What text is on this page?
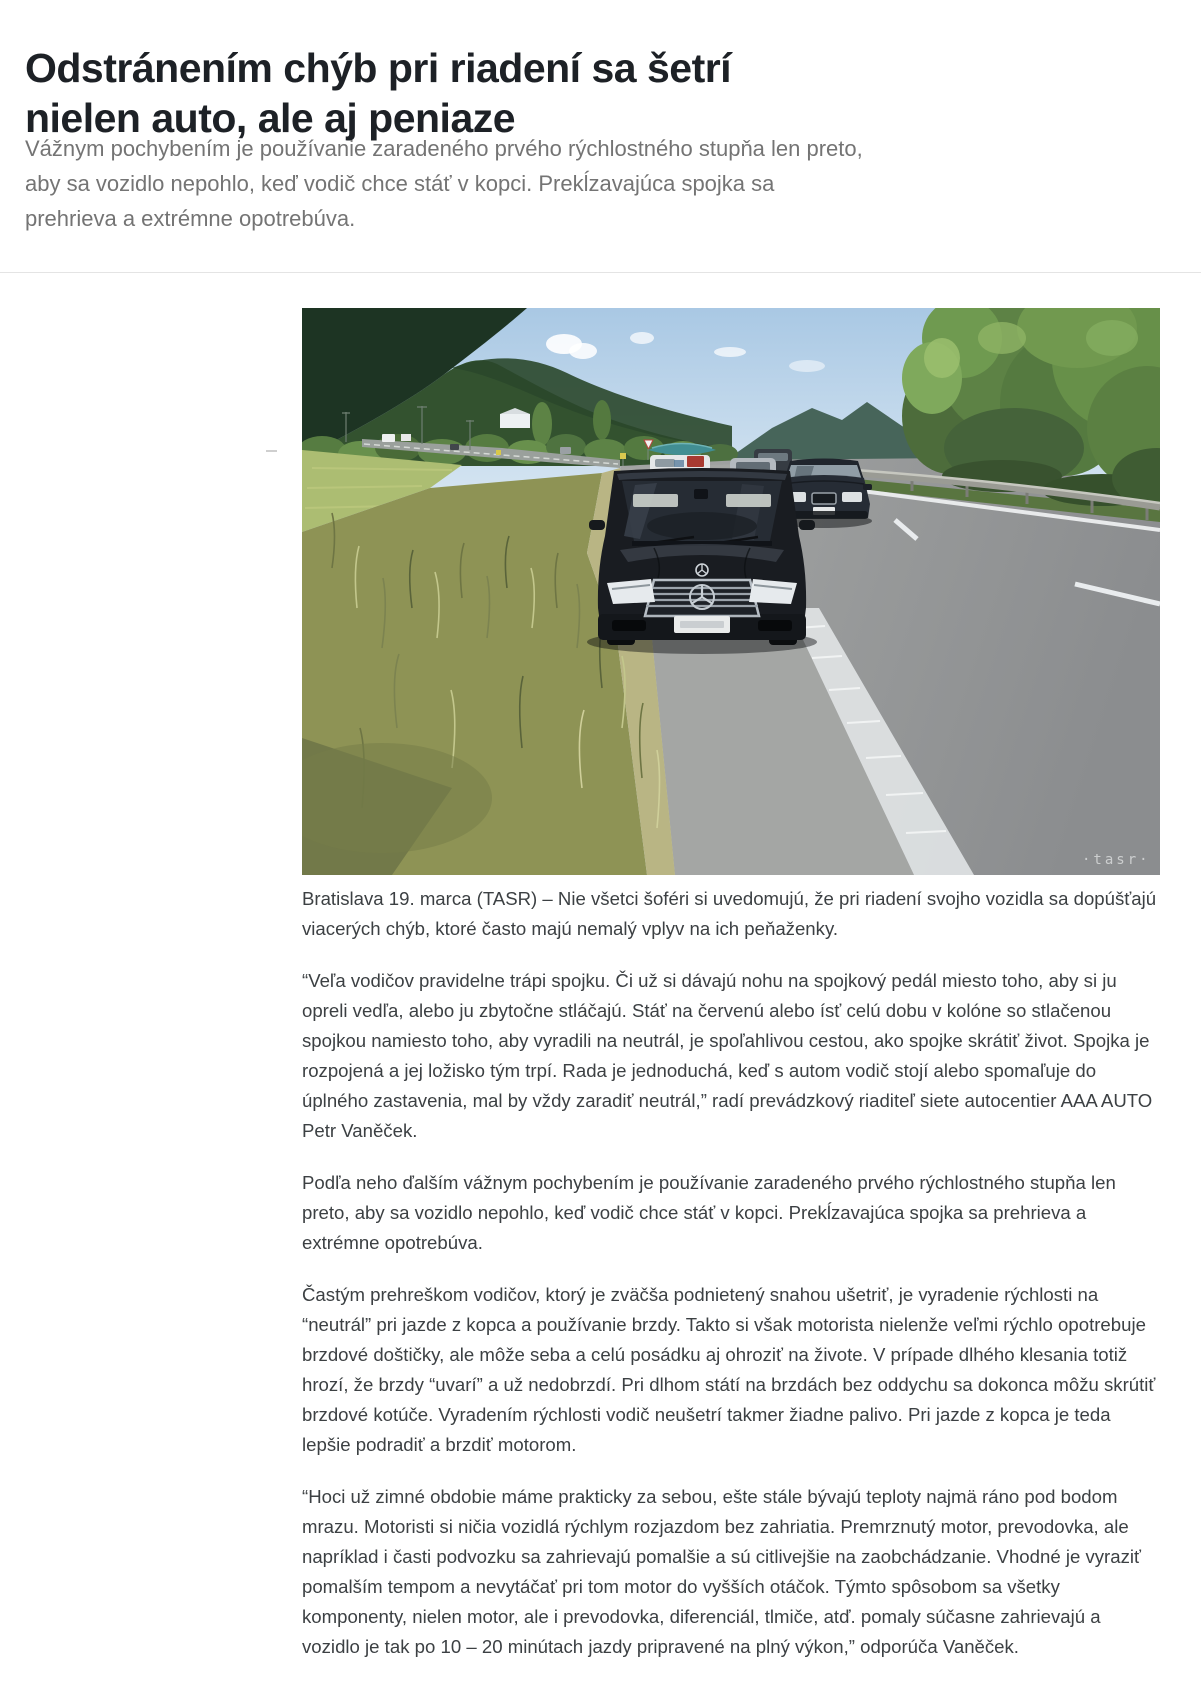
Odstránením chýb pri riadení sa šetrí
nielen auto, ale aj peniaze
Vážnym pochybením je používanie zaradeného prvého rýchlostného stupňa len preto, aby sa vozidlo nepohlo, keď vodič chce stáť v kopci. Prekĺzavajúca spojka sa prehrieva a extrémne opotrebúva.
·tasr·

Bratislava 19. marca (TASR) – Nie všetci šoféri si uvedomujú, že pri riadení svojho vozidla sa dopúšťajú viacerých chýb, ktoré často majú nemalý vplyv na ich peňaženky.

“Veľa vodičov pravidelne trápi spojku. Či už si dávajú nohu na spojkový pedál miesto toho, aby si ju opreli vedľa, alebo ju zbytočne stláčajú. Stáť na červenú alebo ísť celú dobu v kolóne so stlačenou spojkou namiesto toho, aby vyradili na neutrál, je spoľahlivou cestou, ako spojke skrátiť život. Spojka je rozpojená a jej ložisko tým trpí. Rada je jednoduchá, keď s autom vodič stojí alebo spomaľuje do úplného zastavenia, mal by vždy zaradiť neutrál,” radí prevádzkový riaditeľ siete autocentier AAA AUTO Petr Vaněček.

Podľa neho ďalším vážnym pochybením je používanie zaradeného prvého rýchlostného stupňa len preto, aby sa vozidlo nepohlo, keď vodič chce stáť v kopci. Prekĺzavajúca spojka sa prehrieva a extrémne opotrebúva.

Častým prehreškom vodičov, ktorý je zväčša podnietený snahou ušetriť, je vyradenie rýchlosti na “neutrál” pri jazde z kopca a používanie brzdy. Takto si však motorista nielenže veľmi rýchlo opotrebuje brzdové doštičky, ale môže seba a celú posádku aj ohroziť na živote. V prípade dlhého klesania totiž hrozí, že brzdy “uvarí” a už nedobrzdí. Pri dlhom státí na brzdách bez oddychu sa dokonca môžu skrútiť brzdové kotúče. Vyradením rýchlosti vodič neušetrí takmer žiadne palivo. Pri jazde z kopca je teda lepšie podradiť a brzdiť motorom.

“Hoci už zimné obdobie máme prakticky za sebou, ešte stále bývajú teploty najmä ráno pod bodom mrazu. Motoristi si ničia vozidlá rýchlym rozjazdom bez zahriatia. Premrznutý motor, prevodovka, ale napríklad i časti podvozku sa zahrievajú pomalšie a sú citlivejšie na zaobchádzanie. Vhodné je vyraziť pomalším tempom a nevytáčať pri tom motor do vyšších otáčok. Týmto spôsobom sa všetky komponenty, nielen motor, ale i prevodovka, diferenciál, tlmiče, atď. pomaly súčasne zahrievajú a vozidlo je tak po 10 – 20 minútach jazdy pripravené na plný výkon,” odporúča Vaněček.
